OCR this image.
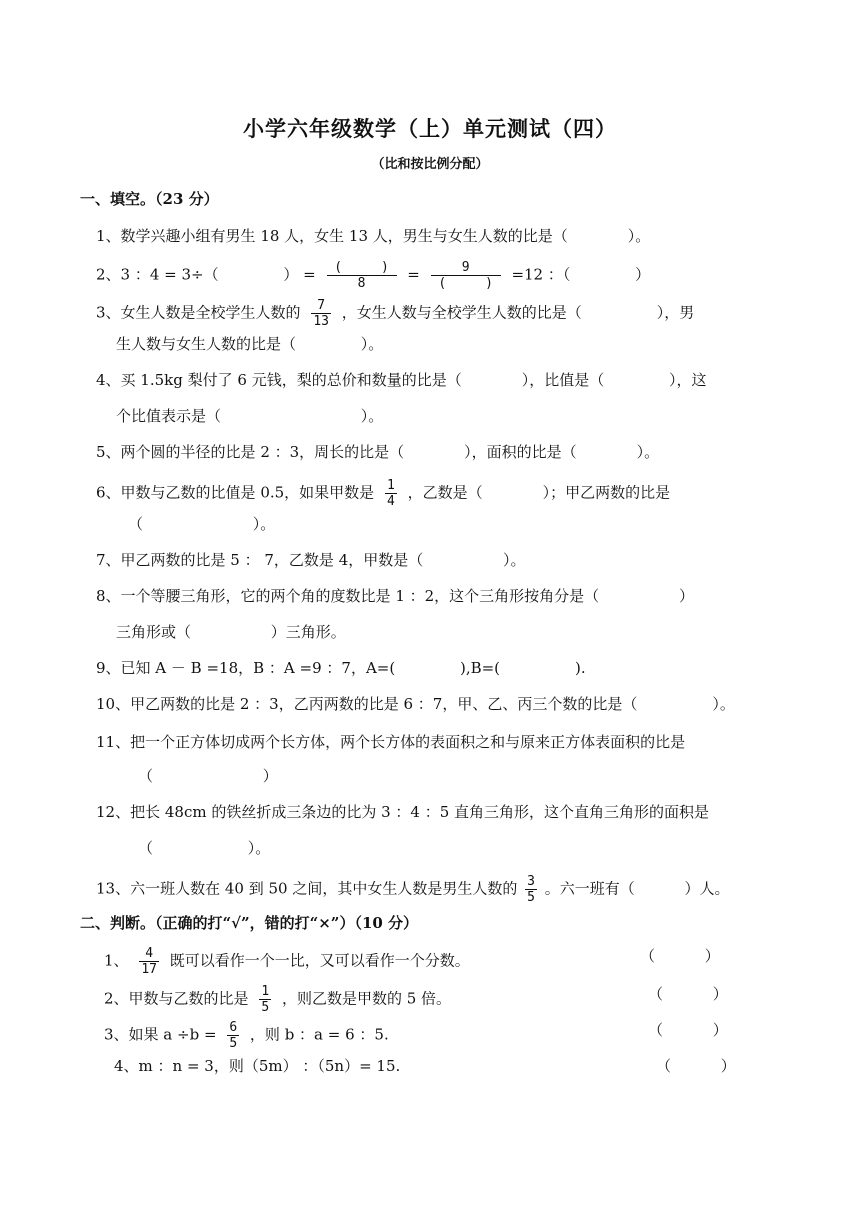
小学六年级数学（上）单元测试（四）
（比和按比例分配）
一、填空。（23 分）
1、数学兴趣小组有男生 18 人，女生 13 人，男生与女生人数的比是（　　　　）。
2、3 ：4 = 3÷（　　　　 ） = $\frac{( )}{8} = \frac{9}{( )} =12$ ：（　　　　 ）
3、女生人数是全校学生人数的 $\frac{7}{13}$ ，女生人数与全校学生人数的比是（　　　　　），男
生人数与女生人数的比是（　　　　 ）。
4、买 1.5kg 梨付了 6 元钱，梨的总价和数量的比是（　　　　），比值是（　　　　 ），这
个比值表示是（　　　　　　　　　 ）。
5、两个圆的半径的比是 2 ：3，周长的比是（　　　　），面积的比是（　　　　）。
6、甲数与乙数的比值是 0.5，如果甲数是 $\frac{1}{4}$ ，乙数是（　　　　）；甲乙两数的比是
（　　　　　　　 ）。
7、甲乙两数的比是 5 ： 7，乙数是 4，甲数是（　　　　　 ）。
8、一个等腰三角形，它的两个角的度数比是 1 ：2，这个三角形按角分是（　　　　　 ）
三角形或（　　　　　 ）三角形。
9、已知 A － B =18，B ：A =9 ：7，A=(　　　　 ),B=(　　　　　).
10、甲乙两数的比是 2 ：3，乙丙两数的比是 6 ：7，甲、乙、丙三个数的比是（　　　　　）。
11、把一个正方体切成两个长方体，两个长方体的表面积之和与原来正方体表面积的比是
（　　　　　　　 ）
12、把长 48cm 的铁丝折成三条边的比为 3 ：4 ：5 直角三角形，这个直角三角形的面积是
（　　　　　　 ）。
13、六一班人数在 40 到 50 之间，其中女生人数是男生人数的 $\frac{3}{5}$ 。六一班有（　　　 ）人。
二、判断。（正确的打“√”，错的打“×”）（10 分）
1、 $\frac{4}{17}$ 既可以看作一个一比，又可以看作一个分数。	（　　　 ）
2、甲数与乙数的比是 $\frac{1}{5}$ ，则乙数是甲数的 5 倍。	（　　　 ）
3、如果 $a \div b = \frac{6}{5}$ ，则 b ：a = 6 ：5.	（　　　 ）
4、m ：n = 3，则（5m） ：（5n）= 15.	（　　　 ）
